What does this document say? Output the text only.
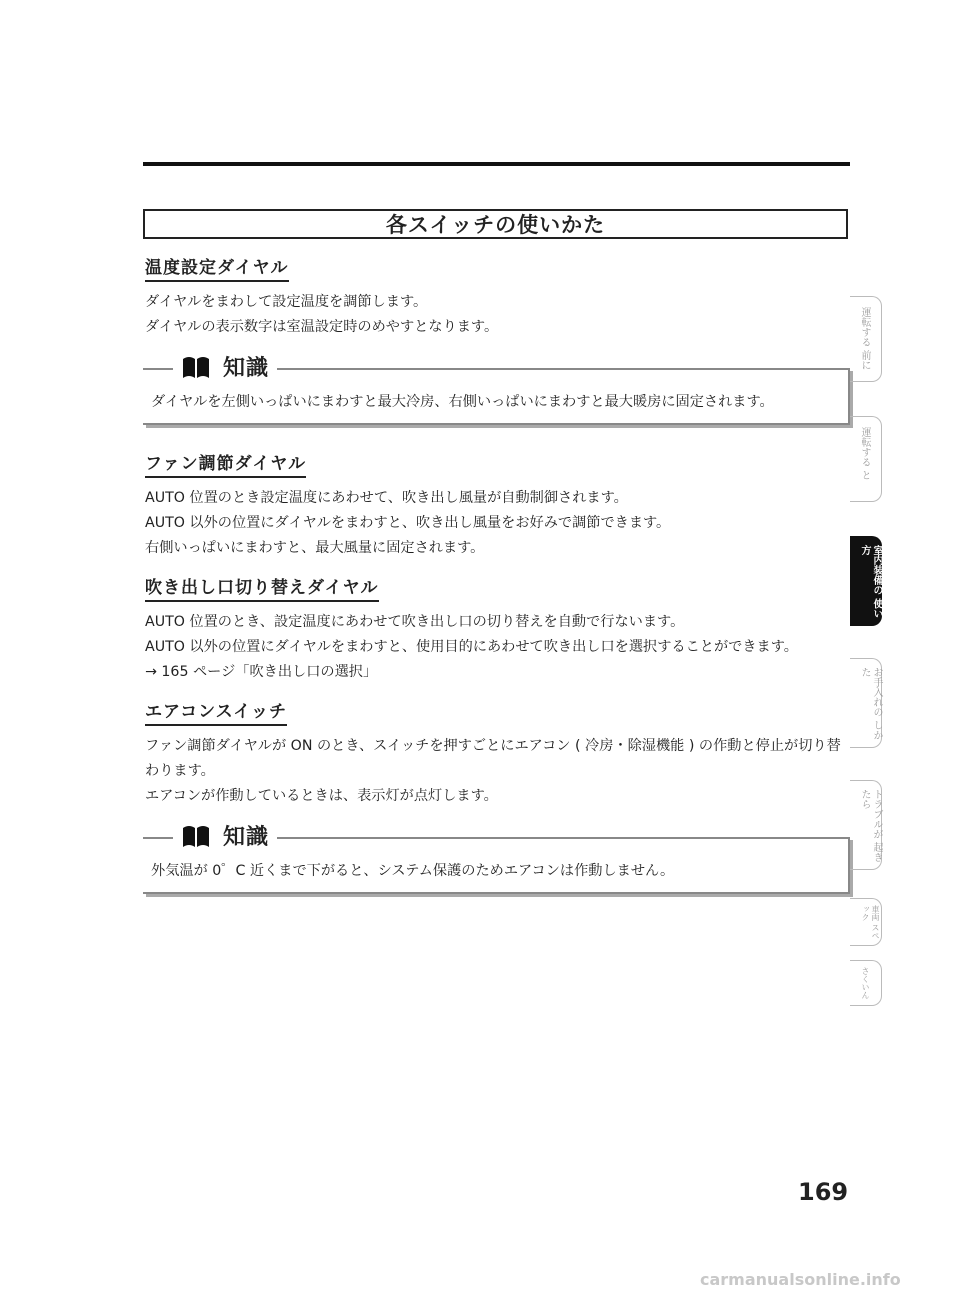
各スイッチの使いかた
温度設定ダイヤル

ダイヤルをまわして設定温度を調節します。

ダイヤルの表示数字は室温設定時のめやすとなります。

知識

ダイヤルを左側いっぱいにまわすと最大冷房、右側いっぱいにまわすと最大暖房に固定されます。

ファン調節ダイヤル

AUTO 位置のとき設定温度にあわせて、吹き出し風量が自動制御されます。

AUTO 以外の位置にダイヤルをまわすと、吹き出し風量をお好みで調節できます。

右側いっぱいにまわすと、最大風量に固定されます。

吹き出し口切り替えダイヤル

AUTO 位置のとき、設定温度にあわせて吹き出し口の切り替えを自動で行ないます。

AUTO 以外の位置にダイヤルをまわすと、使用目的にあわせて吹き出し口を選択することができます。

→ 165 ページ「吹き出し口の選択」

エアコンスイッチ

ファン調節ダイヤルが ON のとき、スイッチを押すごとにエアコン ( 冷房・除湿機能 ) の作動と停止が切り替わります。

エアコンが作動しているときは、表示灯が点灯します。

知識

外気温が 0゜C 近くまで下がると、システム保護のためエアコンは作動しません。

運転する 前に
運転する と
室内装備の 使い方
お手入れの しかた
トラブルが 起きたら
車両 スペック
さくいん
169
carmanualsonline.info
